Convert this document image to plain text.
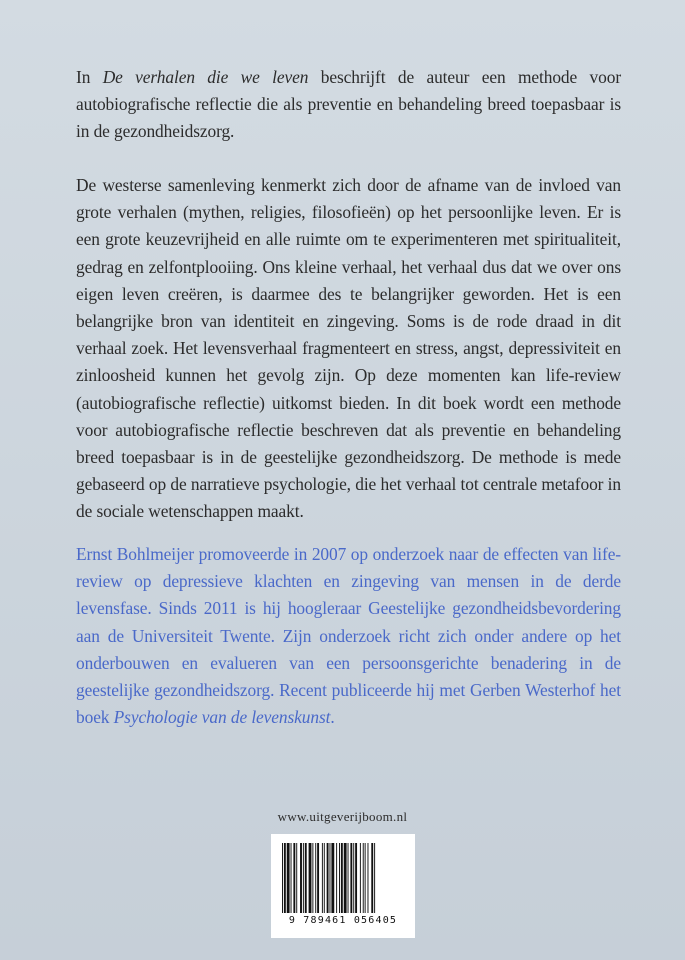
In De verhalen die we leven beschrijft de auteur een methode voor autobiografische reflectie die als preventie en behandeling breed toepasbaar is in de gezondheidszorg.

De westerse samenleving kenmerkt zich door de afname van de invloed van grote verhalen (mythen, religies, filosofieën) op het persoonlijke leven. Er is een grote keuzevrijheid en alle ruimte om te experimenteren met spiritualiteit, gedrag en zelfontplooiing. Ons kleine verhaal, het verhaal dus dat we over ons eigen leven creëren, is daarmee des te belangrijker geworden. Het is een belangrijke bron van identiteit en zingeving. Soms is de rode draad in dit verhaal zoek. Het levensverhaal fragmenteert en stress, angst, depressiviteit en zinloosheid kunnen het gevolg zijn. Op deze momenten kan life-review (autobiografische reflectie) uitkomst bieden. In dit boek wordt een methode voor autobiografische reflectie beschreven dat als preventie en behandeling breed toepasbaar is in de geestelijke gezondheidszorg. De methode is mede gebaseerd op de narratieve psychologie, die het verhaal tot centrale metafoor in de sociale wetenschappen maakt.

Ernst Bohlmeijer promoveerde in 2007 op onderzoek naar de effecten van life-review op depressieve klachten en zingeving van mensen in de derde levensfase. Sinds 2011 is hij hoogleraar Geestelijke gezondheidsbevordering aan de Universiteit Twente. Zijn onderzoek richt zich onder andere op het onderbouwen en evalueren van een persoonsgerichte benadering in de geestelijke gezondheidszorg. Recent publiceerde hij met Gerben Westerhof het boek Psychologie van de levenskunst.

www.uitgeverijboom.nl

9 789461 056405
